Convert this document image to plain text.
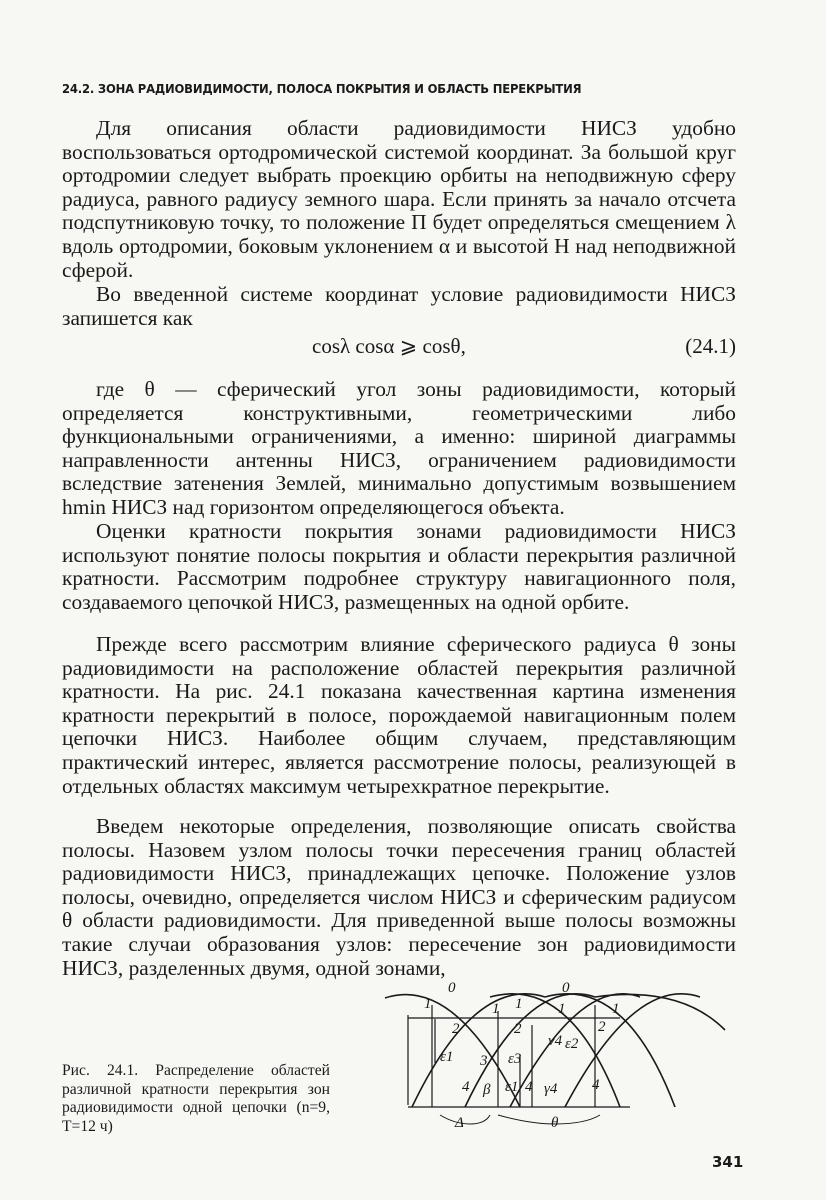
24.2. ЗОНА РАДИОВИДИМОСТИ, ПОЛОСА ПОКРЫТИЯ И ОБЛАСТЬ ПЕРЕКРЫТИЯ

Для описания области радиовидимости НИСЗ удобно воспользоваться ортодромической системой координат. За большой круг ортодромии следует выбрать проекцию орбиты на неподвижную сферу радиуса, равного радиусу земного шара. Если принять за начало отсчета подспутниковую точку, то положение П будет определяться смещением λ вдоль ортодромии, боковым уклонением α и высотой H над неподвижной сферой.

Во введенной системе координат условие радиовидимости НИСЗ запишется как

cosλ cosα ⩾ cosθ,	(24.1)

где θ — сферический угол зоны радиовидимости, который определяется конструктивными, геометрическими либо функциональными ограничениями, а именно: шириной диаграммы направленности антенны НИСЗ, ограничением радиовидимости вследствие затенения Землей, минимально допустимым возвышением hmin НИСЗ над горизонтом определяющегося объекта.

Оценки кратности покрытия зонами радиовидимости НИСЗ используют понятие полосы покрытия и области перекрытия различной кратности. Рассмотрим подробнее структуру навигационного поля, создаваемого цепочкой НИСЗ, размещенных на одной орбите.

Прежде всего рассмотрим влияние сферического радиуса θ зоны радиовидимости на расположение областей перекрытия различной кратности. На рис. 24.1 показана качественная картина изменения кратности перекрытий в полосе, порождаемой навигационным полем цепочки НИСЗ. Наиболее общим случаем, представляющим практический интерес, является рассмотрение полосы, реализующей в отдельных областях максимум четырехкратное перекрытие.

Введем некоторые определения, позволяющие описать свойства полосы. Назовем узлом полосы точки пересечения границ областей радиовидимости НИСЗ, принадлежащих цепочке. Положение узлов полосы, очевидно, определяется числом НИСЗ и сферическим радиусом θ области радиовидимости. Для приведенной выше полосы возможны такие случаи образования узлов: пересечение зон радиовидимости НИСЗ, разделенных двумя, одной зонами,

0	0
1	1 1 1	1
2	2	2
3
4	4	4
ε1
ε1
ε2
ε3
ν4
γ4
β
Δ	θ

Рис. 24.1. Распределение областей различной кратности перекрытия зон радиовидимости одной цепочки (n=9, T=12 ч)

341
